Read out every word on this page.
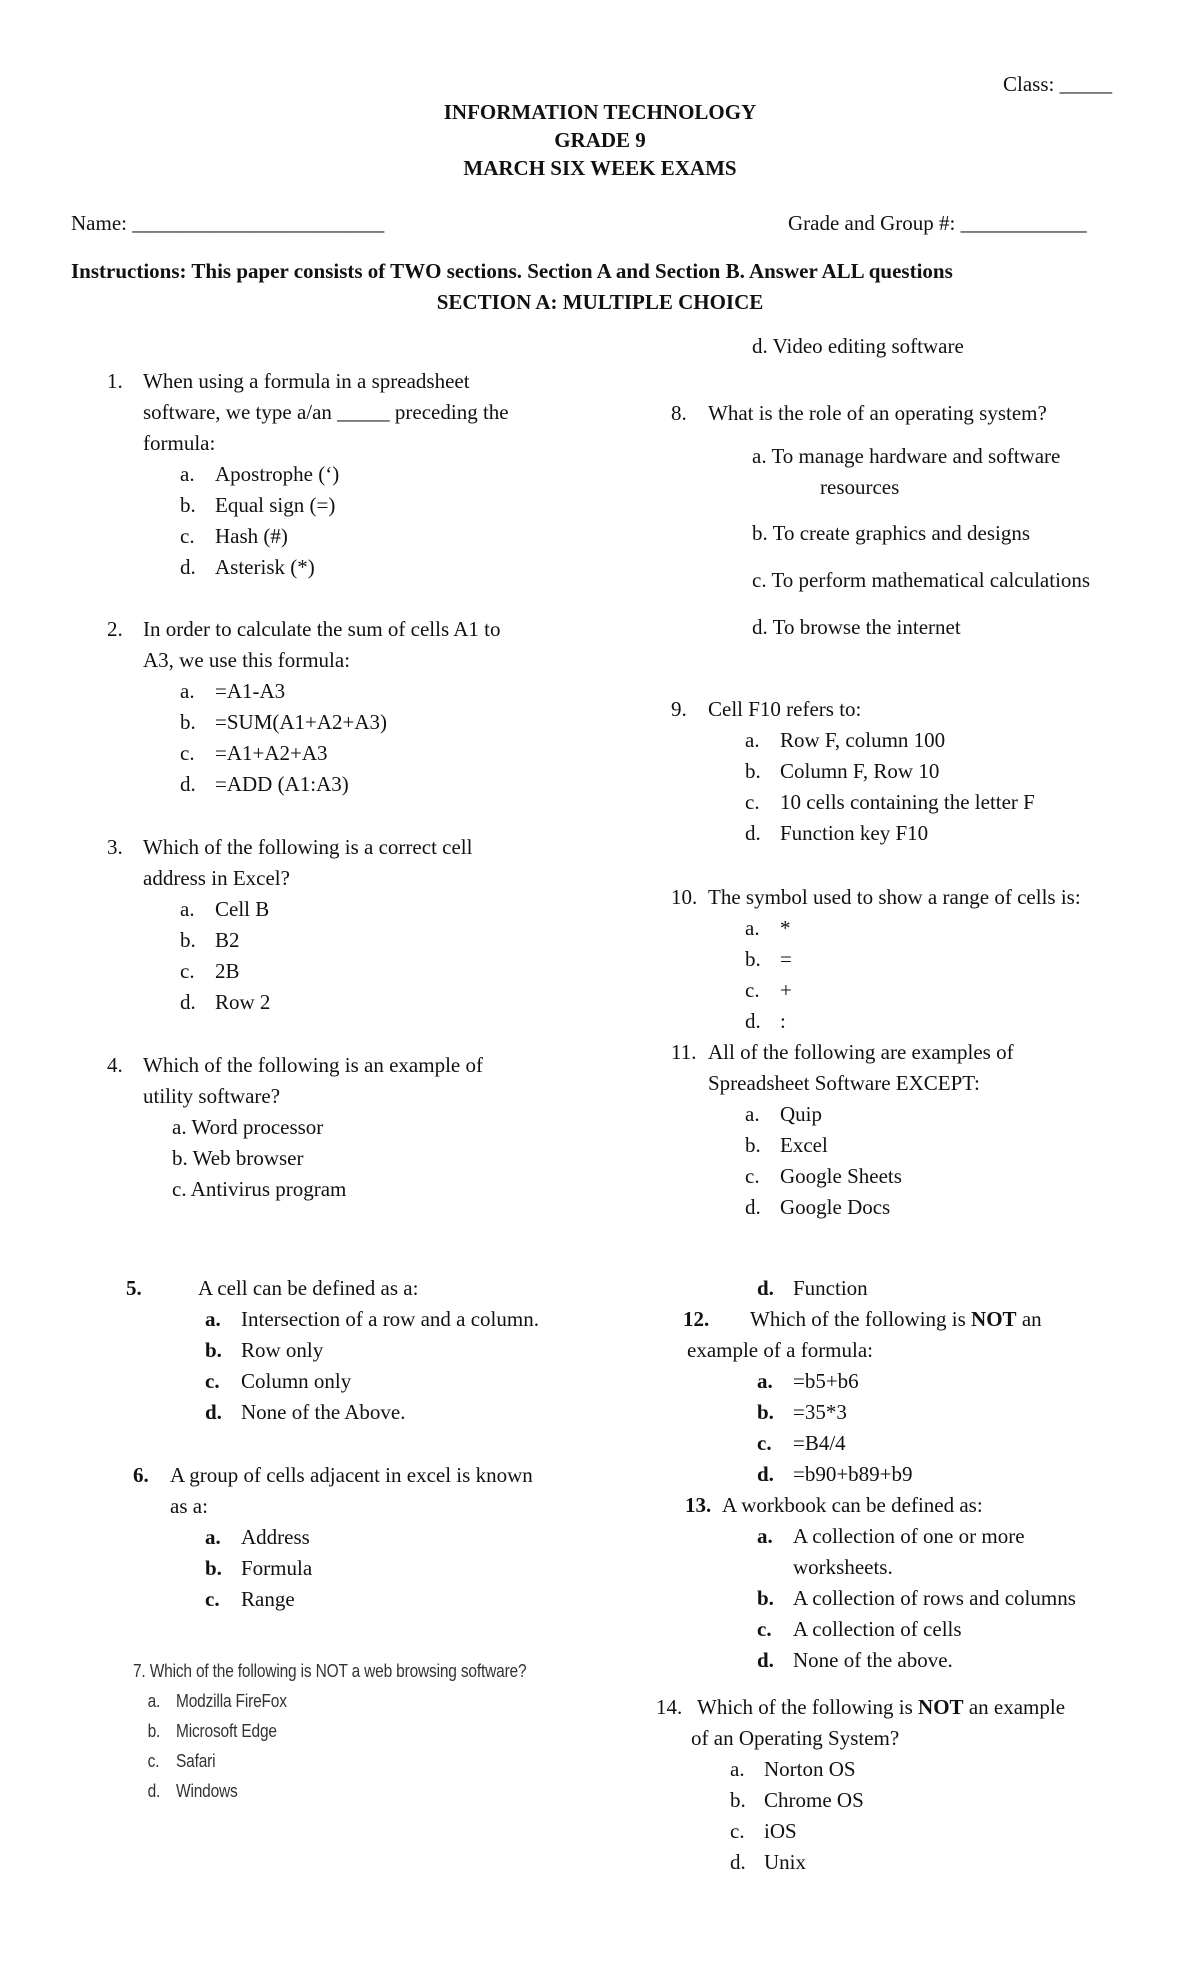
Class: _____
INFORMATION TECHNOLOGY
GRADE 9
MARCH SIX WEEK EXAMS
Name: ________________________	Grade and Group #: ____________
Instructions: This paper consists of TWO sections. Section A and Section B. Answer ALL questions
SECTION A: MULTIPLE CHOICE
1. When using a formula in a spreadsheet
software, we type a/an _____ preceding the
formula:
a. Apostrophe (‘)
b. Equal sign (=)
c. Hash (#)
d. Asterisk (*)
2. In order to calculate the sum of cells A1 to
A3, we use this formula:
a. =A1-A3
b. =SUM(A1+A2+A3)
c. =A1+A2+A3
d. =ADD (A1:A3)
3. Which of the following is a correct cell
address in Excel?
a. Cell B
b. B2
c. 2B
d. Row 2
4. Which of the following is an example of
utility software?
a. Word processor
b. Web browser
c. Antivirus program
5.	A cell can be defined as a:
a. Intersection of a row and a column.
b. Row only
c. Column only
d. None of the Above.
6. A group of cells adjacent in excel is known
as a:
a. Address
b. Formula
c. Range
7. Which of the following is NOT a web browsing software?
a. Modzilla FireFox
b. Microsoft Edge
c. Safari
d. Windows
d. Video editing software
8. What is the role of an operating system?
a. To manage hardware and software
resources
b. To create graphics and designs
c. To perform mathematical calculations
d. To browse the internet
9. Cell F10 refers to:
a. Row F, column 100
b. Column F, Row 10
c. 10 cells containing the letter F
d. Function key F10
10. The symbol used to show a range of cells is:
a. *
b. =
c. +
d. :
11. All of the following are examples of
Spreadsheet Software EXCEPT:
a. Quip
b. Excel
c. Google Sheets
d. Google Docs
d. Function
12. Which of the following is NOT an
example of a formula:
a. =b5+b6
b. =35*3
c. =B4/4
d. =b90+b89+b9
13. A workbook can be defined as:
a. A collection of one or more
worksheets.
b. A collection of rows and columns
c. A collection of cells
d. None of the above.
14. Which of the following is NOT an example
of an Operating System?
a. Norton OS
b. Chrome OS
c. iOS
d. Unix
